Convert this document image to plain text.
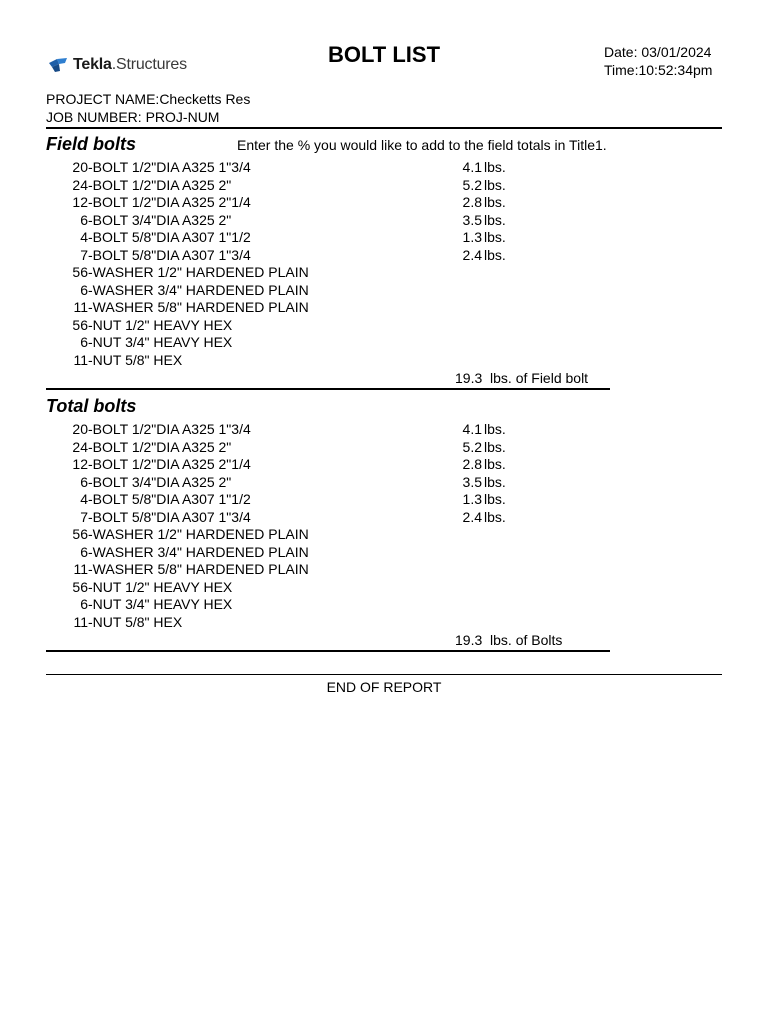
Tekla.Structures	BOLT LIST	Date: 03/01/2024
Time:10:52:34pm
PROJECT NAME:Checketts Res
JOB NUMBER: PROJ-NUM
Field bolts	Enter the % you would like to add to the field totals in Title1.
20 -BOLT 1/2"DIA A325 1"3/4	4.1 lbs.
24 -BOLT 1/2"DIA A325 2"	5.2 lbs.
12 -BOLT 1/2"DIA A325 2"1/4	2.8 lbs.
6 -BOLT 3/4"DIA A325 2"	3.5 lbs.
4 -BOLT 5/8"DIA A307 1"1/2	1.3 lbs.
7 -BOLT 5/8"DIA A307 1"3/4	2.4 lbs.
56 -WASHER 1/2" HARDENED PLAIN
6 -WASHER 3/4" HARDENED PLAIN
11 -WASHER 5/8" HARDENED PLAIN
56 -NUT 1/2" HEAVY HEX
6 -NUT 3/4" HEAVY HEX
11 -NUT 5/8" HEX
19.3  lbs. of Field bolt
Total bolts
20 -BOLT 1/2"DIA A325 1"3/4	4.1 lbs.
24 -BOLT 1/2"DIA A325 2"	5.2 lbs.
12 -BOLT 1/2"DIA A325 2"1/4	2.8 lbs.
6 -BOLT 3/4"DIA A325 2"	3.5 lbs.
4 -BOLT 5/8"DIA A307 1"1/2	1.3 lbs.
7 -BOLT 5/8"DIA A307 1"3/4	2.4 lbs.
56 -WASHER 1/2" HARDENED PLAIN
6 -WASHER 3/4" HARDENED PLAIN
11 -WASHER 5/8" HARDENED PLAIN
56 -NUT 1/2" HEAVY HEX
6 -NUT 3/4" HEAVY HEX
11 -NUT 5/8" HEX
19.3  lbs. of Bolts
END OF REPORT
